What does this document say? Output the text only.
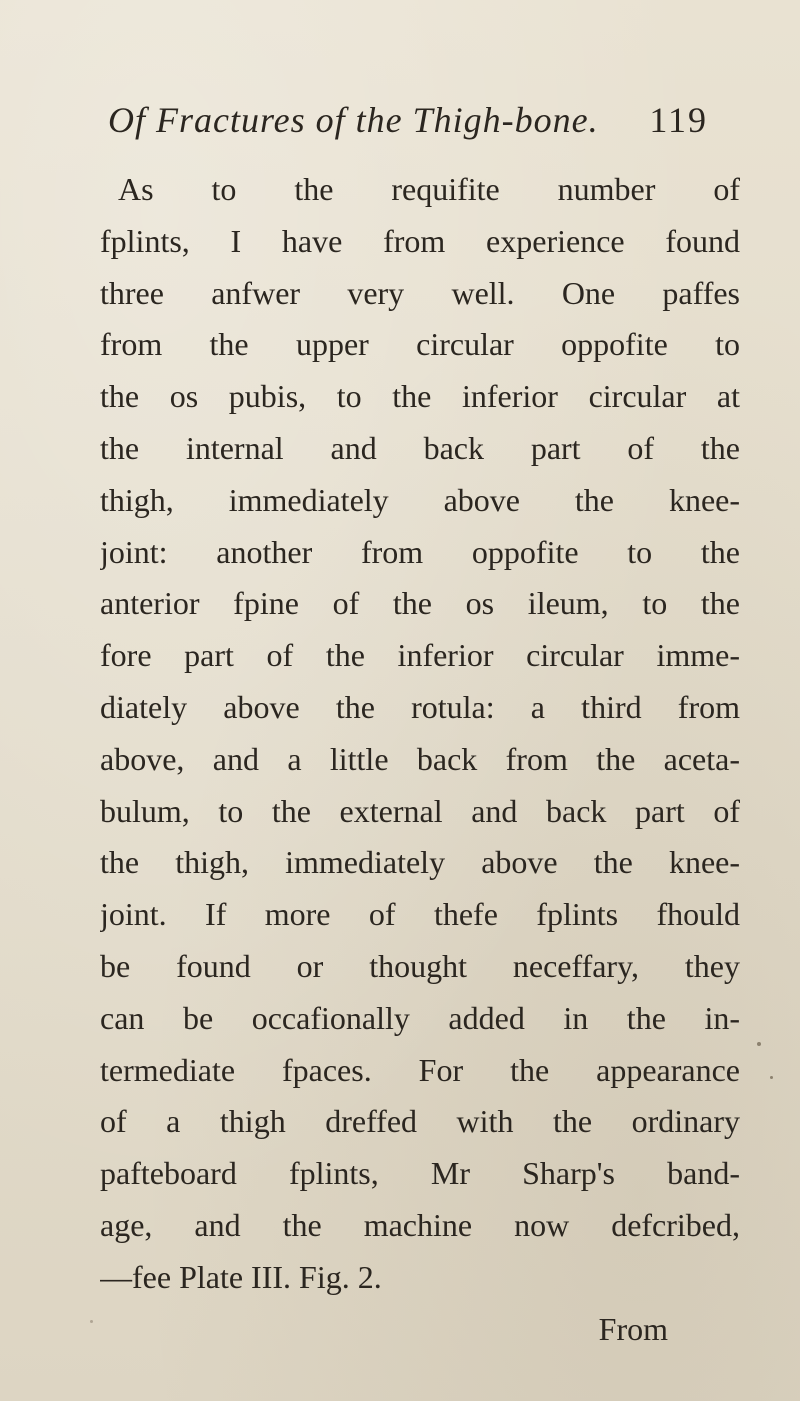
Of Fractures of the Thigh-bone. 119
As to the requifite number of
fplints, I have from experience found
three anfwer very well. One paffes
from the upper circular oppofite to
the os pubis, to the inferior circular at
the internal and back part of the
thigh, immediately above the knee-
joint: another from oppofite to the
anterior fpine of the os ileum, to the
fore part of the inferior circular imme-
diately above the rotula: a third from
above, and a little back from the aceta-
bulum, to the external and back part of
the thigh, immediately above the knee-
joint. If more of thefe fplints fhould
be found or thought neceffary, they
can be occafionally added in the in-
termediate fpaces. For the appearance
of a thigh dreffed with the ordinary
pafteboard fplints, Mr Sharp's band-
age, and the machine now defcribed,
—fee Plate III. Fig. 2.
From
